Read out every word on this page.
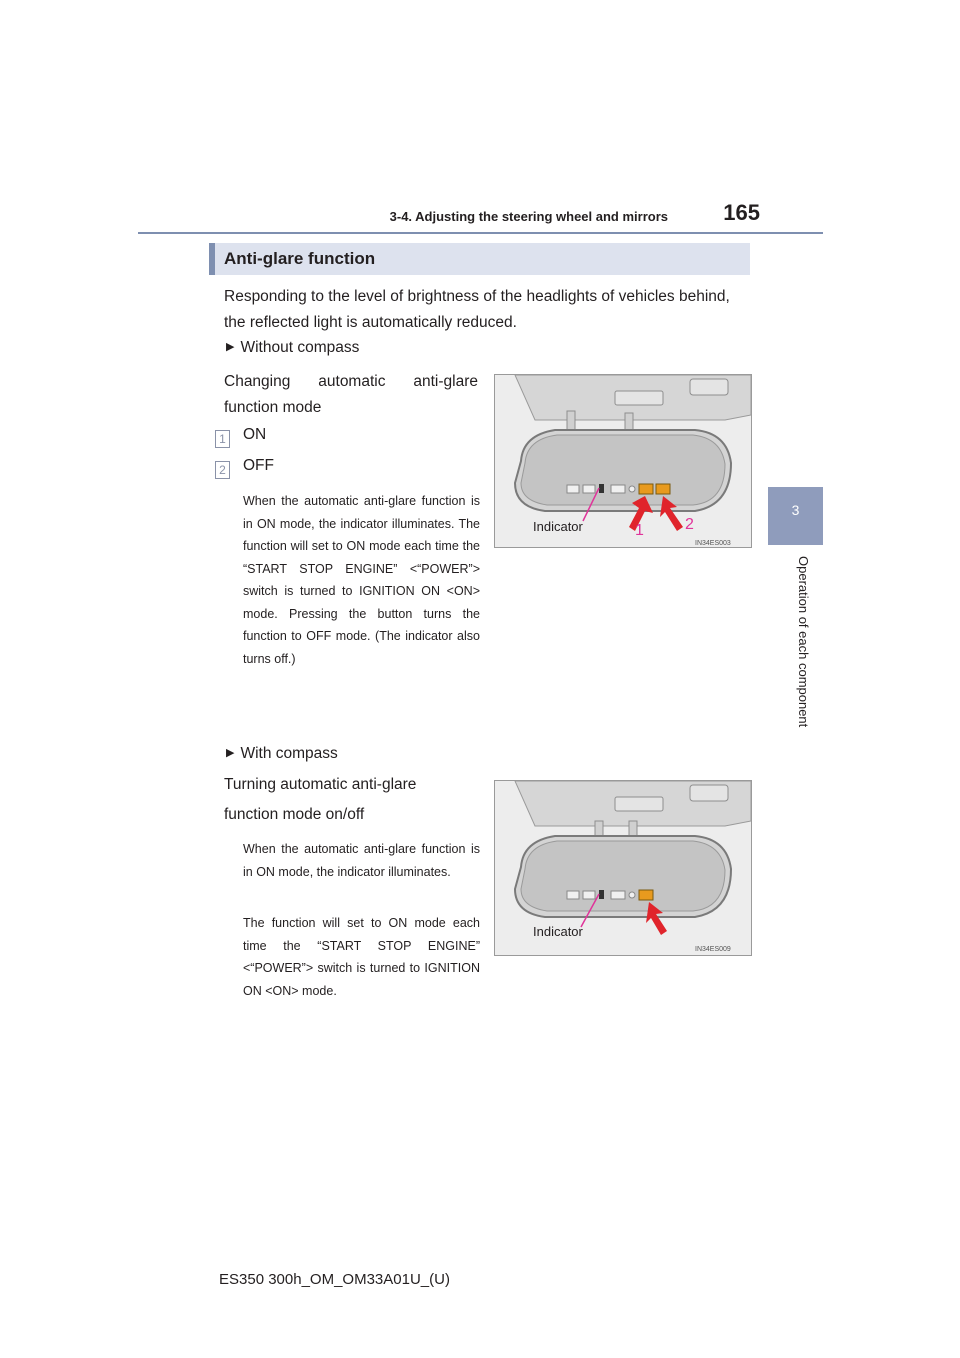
3-4. Adjusting the steering wheel and mirrors	165
3
Operation of each component
Anti-glare function
Responding to the level of brightness of the headlights of vehicles behind, the reflected light is automatically reduced.
▶ Without compass
Changing automatic anti-glare
function mode
1 ON
2 OFF
When the automatic anti-glare function is in ON mode, the indicator illuminates. The function will set to ON mode each time the “START STOP ENGINE” <“POWER”> switch is turned to IGNITION ON <ON> mode. Pressing the button turns the function to OFF mode. (The indicator also turns off.)
1	2
IN34ES003
Indicator
▶ With compass
Turning automatic anti-glare
function mode on/off
When the automatic anti-glare function is in ON mode, the indicator illuminates.
The function will set to ON mode each time the “START STOP ENGINE” <“POWER”> switch is turned to IGNITION ON <ON> mode.
IN34ES009
Indicator
ES350 300h_OM_OM33A01U_(U)
